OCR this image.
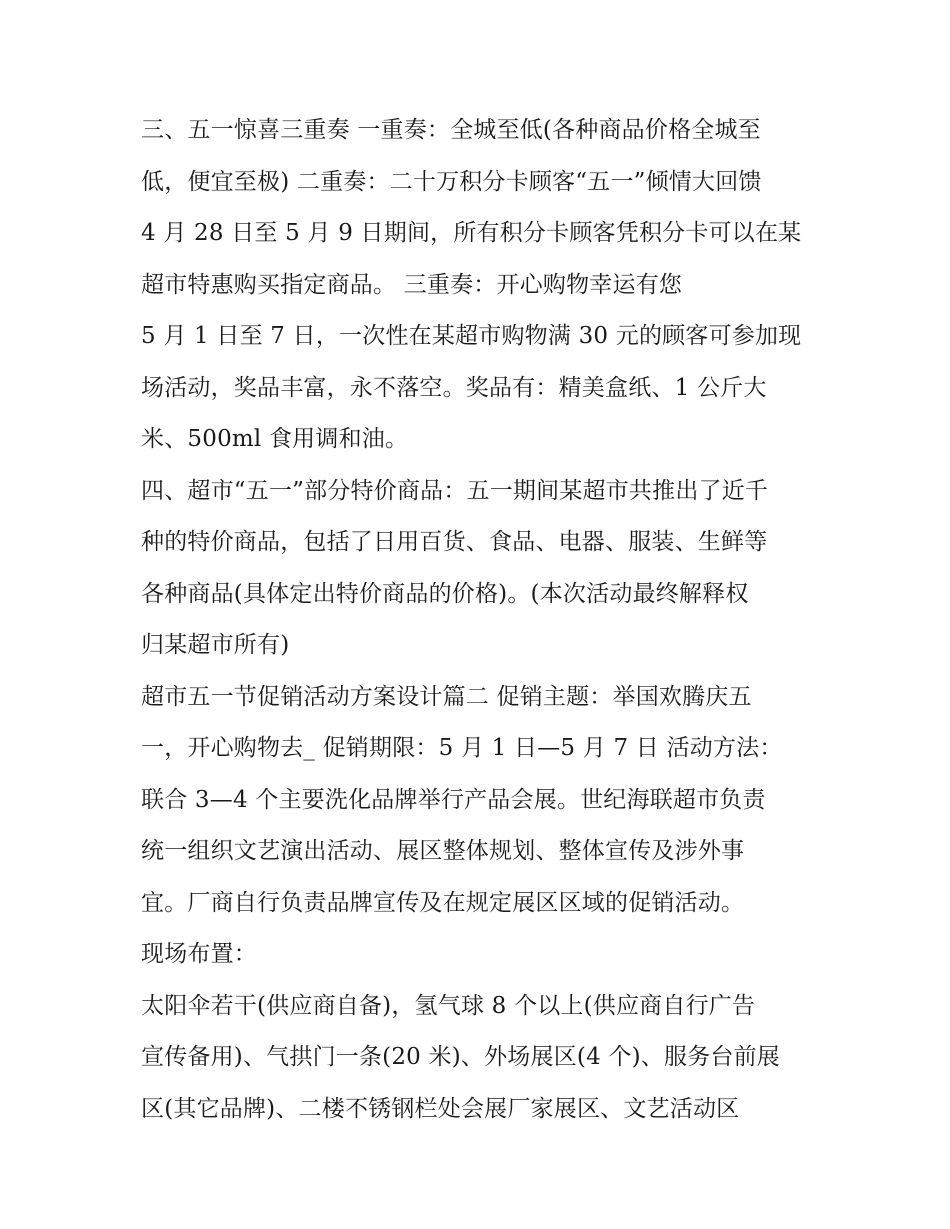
三、五一惊喜三重奏 一重奏：全城至低(各种商品价格全城至
低，便宜至极) 二重奏：二十万积分卡顾客“五一”倾情大回馈
4 月 28 日至 5 月 9 日期间，所有积分卡顾客凭积分卡可以在某
超市特惠购买指定商品。 三重奏：开心购物幸运有您
5 月 1 日至 7 日，一次性在某超市购物满 30 元的顾客可参加现
场活动，奖品丰富，永不落空。奖品有：精美盒纸、1 公斤大
米、500ml 食用调和油。
四、超市“五一”部分特价商品：五一期间某超市共推出了近千
种的特价商品，包括了日用百货、食品、电器、服装、生鲜等
各种商品(具体定出特价商品的价格)。(本次活动最终解释权
归某超市所有)
超市五一节促销活动方案设计篇二 促销主题：举国欢腾庆五
一，开心购物去_ 促销期限：5 月 1 日—5 月 7 日 活动方法：
联合 3—4 个主要洗化品牌举行产品会展。世纪海联超市负责
统一组织文艺演出活动、展区整体规划、整体宣传及涉外事
宜。厂商自行负责品牌宣传及在规定展区区域的促销活动。
现场布置：
太阳伞若干(供应商自备)，氢气球 8 个以上(供应商自行广告
宣传备用)、气拱门一条(20 米)、外场展区(4 个)、服务台前展
区(其它品牌)、二楼不锈钢栏处会展厂家展区、文艺活动区
